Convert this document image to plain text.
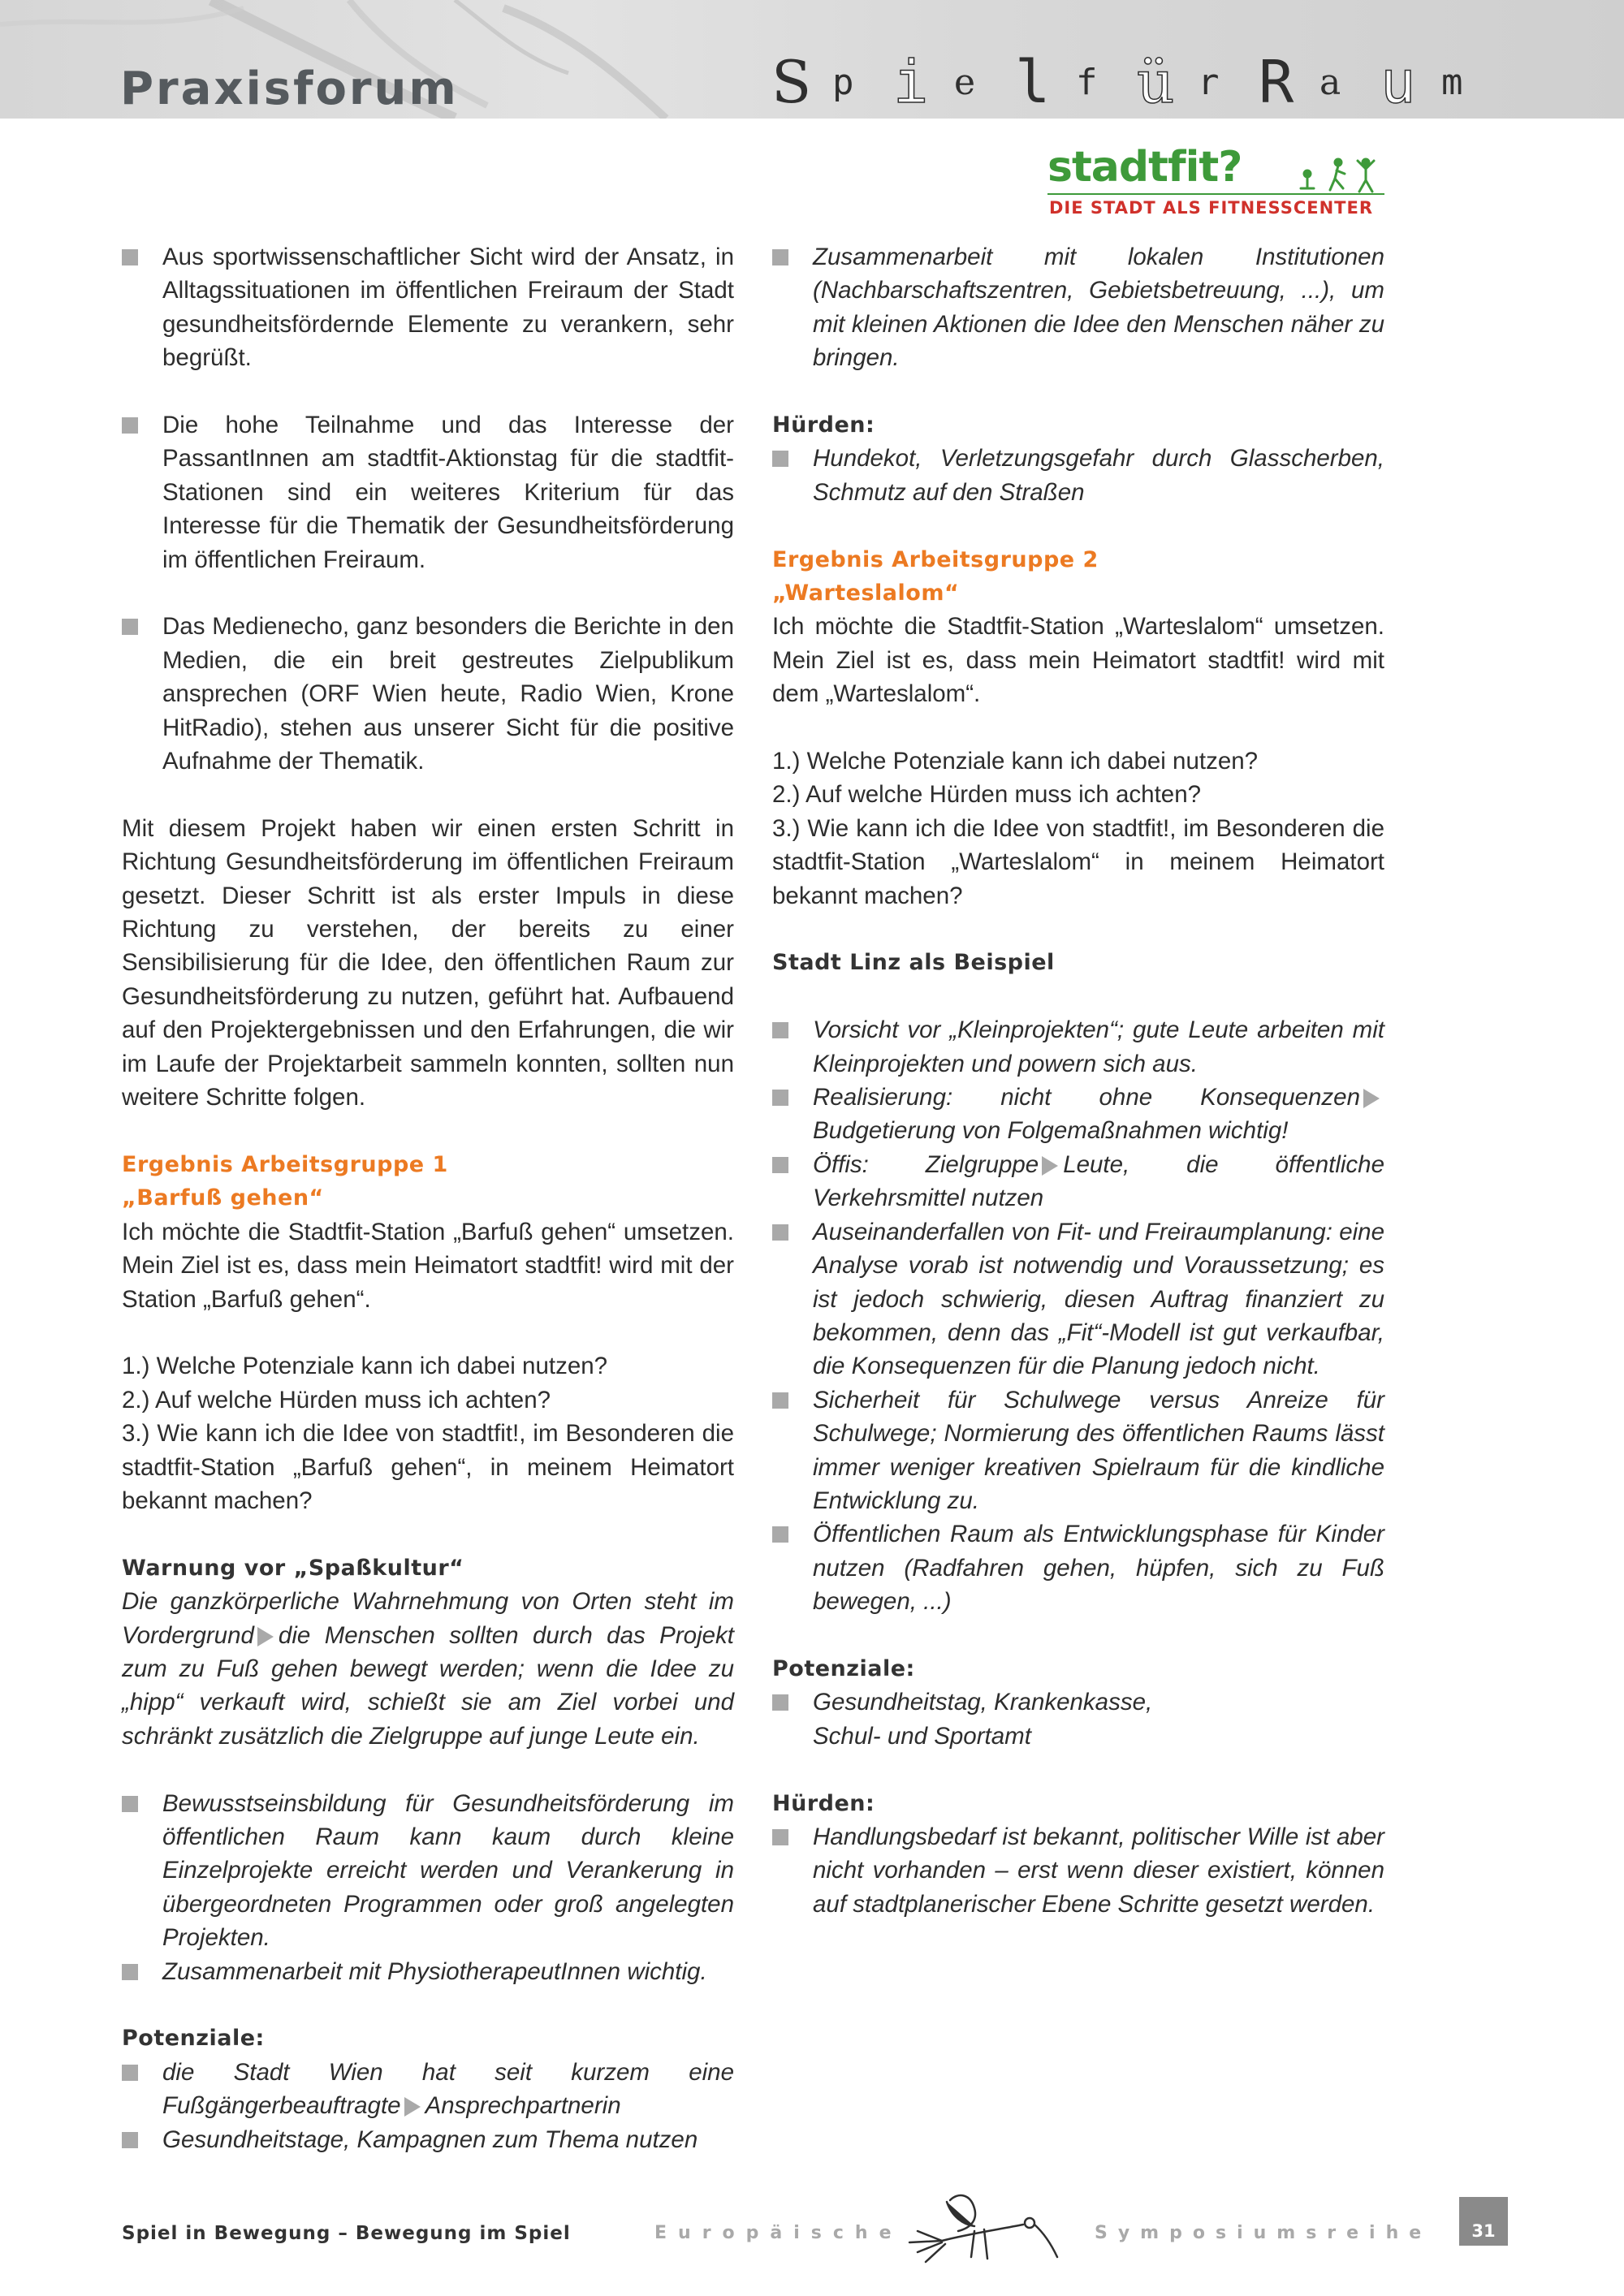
Praxisforum	S p i e l f ü r R a u m
stadtfit?
DIE STADT ALS FITNESSCENTER

Aus sportwissenschaftlicher Sicht wird der Ansatz, in Alltagssituationen im öffentlichen Freiraum der Stadt gesundheitsfördernde Elemente zu verankern, sehr begrüßt.

Die hohe Teilnahme und das Interesse der PassantInnen am stadtfit-Aktionstag für die stadtfit-Stationen sind ein weiteres Kriterium für das Interesse für die Thematik der Gesundheitsförderung im öffentlichen Freiraum.

Das Medienecho, ganz besonders die Berichte in den Medien, die ein breit gestreutes Zielpublikum ansprechen (ORF Wien heute, Radio Wien, Krone HitRadio), stehen aus unserer Sicht für die positive Aufnahme der Thematik.

Mit diesem Projekt haben wir einen ersten Schritt in Richtung Gesundheitsförderung im öffentlichen Freiraum gesetzt. Dieser Schritt ist als erster Impuls in diese Richtung zu verstehen, der bereits zu einer Sensibilisierung für die Idee, den öffentlichen Raum zur Gesundheitsförderung zu nutzen, geführt hat. Aufbauend auf den Projektergebnissen und den Erfahrungen, die wir im Laufe der Projektarbeit sammeln konnten, sollten nun weitere Schritte folgen.

Ergebnis Arbeitsgruppe 1

„Barfuß gehen“

Ich möchte die Stadtfit-Station „Barfuß gehen“ umsetzen. Mein Ziel ist es, dass mein Heimatort stadtfit! wird mit der Station „Barfuß gehen“.

1.) Welche Potenziale kann ich dabei nutzen?

2.) Auf welche Hürden muss ich achten?

3.) Wie kann ich die Idee von stadtfit!, im Besonderen die stadtfit-Station „Barfuß gehen“, in meinem Heimatort bekannt machen?

Warnung vor „Spaßkultur“

Die ganzkörperliche Wahrnehmung von Orten steht im Vordergrund die Menschen sollten durch das Projekt zum zu Fuß gehen bewegt werden; wenn die Idee zu „hipp“ verkauft wird, schießt sie am Ziel vorbei und schränkt zusätzlich die Zielgruppe auf junge Leute ein.

Bewusstseinsbildung für Gesundheitsförderung im öffentlichen Raum kann kaum durch kleine Einzelprojekte erreicht werden und Verankerung in übergeordneten Programmen oder groß angelegten Projekten.

Zusammenarbeit mit PhysiotherapeutInnen wichtig.

Potenziale:

die Stadt Wien hat seit kurzem eine Fußgängerbeauftragte Ansprechpartnerin

Gesundheitstage, Kampagnen zum Thema nutzen

Zusammenarbeit mit lokalen Institutionen (Nachbarschaftszentren, Gebietsbetreuung, ...), um mit kleinen Aktionen die Idee den Menschen näher zu bringen.

Hürden:

Hundekot, Verletzungsgefahr durch Glasscherben, Schmutz auf den Straßen

Ergebnis Arbeitsgruppe 2

„Warteslalom“

Ich möchte die Stadtfit-Station „Warteslalom“ umsetzen. Mein Ziel ist es, dass mein Heimatort stadtfit! wird mit dem „Warteslalom“.

1.) Welche Potenziale kann ich dabei nutzen?

2.) Auf welche Hürden muss ich achten?

3.) Wie kann ich die Idee von stadtfit!, im Besonderen die stadtfit-Station „Warteslalom“ in meinem Heimatort bekannt machen?

Stadt Linz als Beispiel

Vorsicht vor „Kleinprojekten“; gute Leute arbeiten mit Kleinprojekten und powern sich aus.

Realisierung: nicht ohne KonsequenzenBudgetierung von Folgemaßnahmen wichtig!

Öffis: Zielgruppe Leute, die öffentliche Verkehrsmittel nutzen

Auseinanderfallen von Fit- und Freiraumplanung: eine Analyse vorab ist notwendig und Voraussetzung; es ist jedoch schwierig, diesen Auftrag finanziert zu bekommen, denn das „Fit“-Modell ist gut verkaufbar, die Konsequenzen für die Planung jedoch nicht.

Sicherheit für Schulwege versus Anreize für Schulwege; Normierung des öffentlichen Raums lässt immer weniger kreativen Spielraum für die kindliche Entwicklung zu.

Öffentlichen Raum als Entwicklungsphase für Kinder nutzen (Radfahren gehen, hüpfen, sich zu Fuß bewegen, ...)

Potenziale:

Gesundheitstag, Krankenkasse,
Schul- und Sportamt

Hürden:

Handlungsbedarf ist bekannt, politischer Wille ist aber nicht vorhanden – erst wenn dieser existiert, können auf stadtplanerischer Ebene Schritte gesetzt werden.

Spiel in Bewegung – Bewegung im Spiel	Europäische	Symposiumsreihe	31
